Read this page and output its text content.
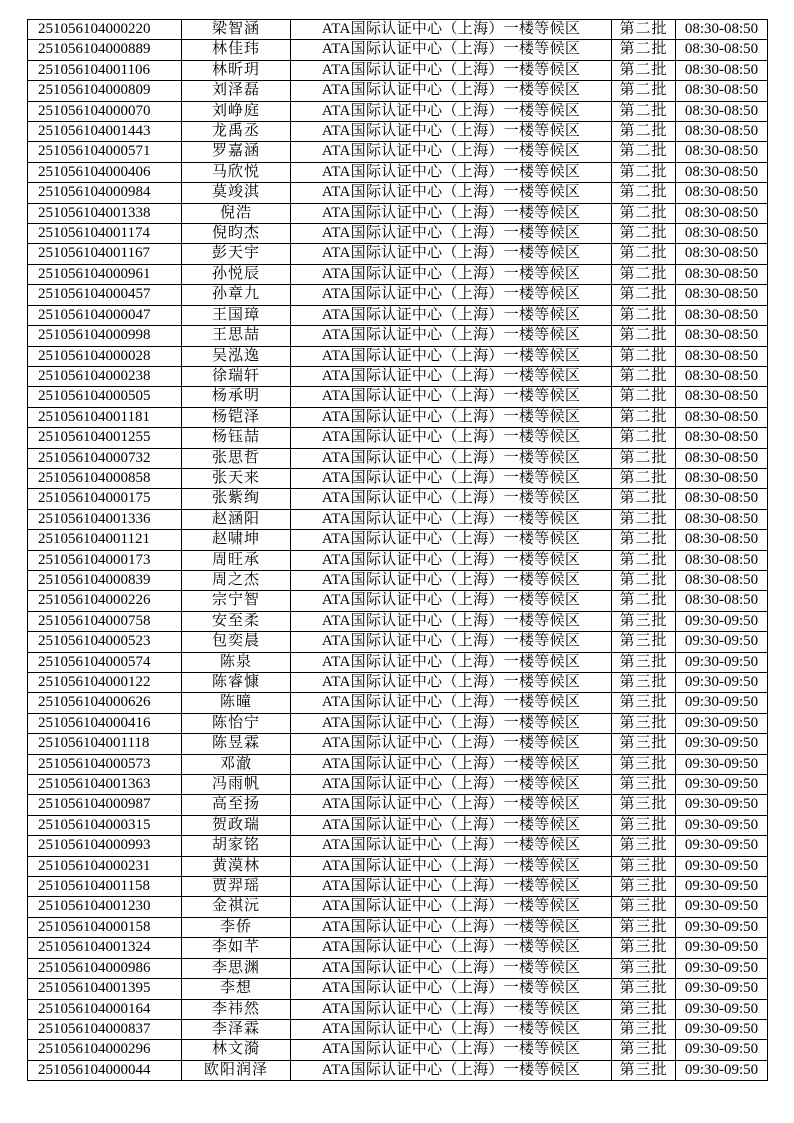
251056104000220	梁智涵	ATA国际认证中心（上海）一楼等候区	第二批	08:30-08:50
251056104000889	林佳玮	ATA国际认证中心（上海）一楼等候区	第二批	08:30-08:50
251056104001106	林昕玥	ATA国际认证中心（上海）一楼等候区	第二批	08:30-08:50
251056104000809	刘泽磊	ATA国际认证中心（上海）一楼等候区	第二批	08:30-08:50
251056104000070	刘峥庭	ATA国际认证中心（上海）一楼等候区	第二批	08:30-08:50
251056104001443	龙禹丞	ATA国际认证中心（上海）一楼等候区	第二批	08:30-08:50
251056104000571	罗嘉涵	ATA国际认证中心（上海）一楼等候区	第二批	08:30-08:50
251056104000406	马欣悦	ATA国际认证中心（上海）一楼等候区	第二批	08:30-08:50
251056104000984	莫竣淇	ATA国际认证中心（上海）一楼等候区	第二批	08:30-08:50
251056104001338	倪浩	ATA国际认证中心（上海）一楼等候区	第二批	08:30-08:50
251056104001174	倪昀杰	ATA国际认证中心（上海）一楼等候区	第二批	08:30-08:50
251056104001167	彭天宇	ATA国际认证中心（上海）一楼等候区	第二批	08:30-08:50
251056104000961	孙悦辰	ATA国际认证中心（上海）一楼等候区	第二批	08:30-08:50
251056104000457	孙章九	ATA国际认证中心（上海）一楼等候区	第二批	08:30-08:50
251056104000047	王国璋	ATA国际认证中心（上海）一楼等候区	第二批	08:30-08:50
251056104000998	王思喆	ATA国际认证中心（上海）一楼等候区	第二批	08:30-08:50
251056104000028	吴泓逸	ATA国际认证中心（上海）一楼等候区	第二批	08:30-08:50
251056104000238	徐瑞轩	ATA国际认证中心（上海）一楼等候区	第二批	08:30-08:50
251056104000505	杨承明	ATA国际认证中心（上海）一楼等候区	第二批	08:30-08:50
251056104001181	杨铠泽	ATA国际认证中心（上海）一楼等候区	第二批	08:30-08:50
251056104001255	杨钰喆	ATA国际认证中心（上海）一楼等候区	第二批	08:30-08:50
251056104000732	张思哲	ATA国际认证中心（上海）一楼等候区	第二批	08:30-08:50
251056104000858	张天来	ATA国际认证中心（上海）一楼等候区	第二批	08:30-08:50
251056104000175	张紫绚	ATA国际认证中心（上海）一楼等候区	第二批	08:30-08:50
251056104001336	赵涵阳	ATA国际认证中心（上海）一楼等候区	第二批	08:30-08:50
251056104001121	赵啸坤	ATA国际认证中心（上海）一楼等候区	第二批	08:30-08:50
251056104000173	周旺承	ATA国际认证中心（上海）一楼等候区	第二批	08:30-08:50
251056104000839	周之杰	ATA国际认证中心（上海）一楼等候区	第二批	08:30-08:50
251056104000226	宗宁智	ATA国际认证中心（上海）一楼等候区	第二批	08:30-08:50
251056104000758	安至柔	ATA国际认证中心（上海）一楼等候区	第三批	09:30-09:50
251056104000523	包奕晨	ATA国际认证中心（上海）一楼等候区	第三批	09:30-09:50
251056104000574	陈泉	ATA国际认证中心（上海）一楼等候区	第三批	09:30-09:50
251056104000122	陈睿慷	ATA国际认证中心（上海）一楼等候区	第三批	09:30-09:50
251056104000626	陈曈	ATA国际认证中心（上海）一楼等候区	第三批	09:30-09:50
251056104000416	陈怡宁	ATA国际认证中心（上海）一楼等候区	第三批	09:30-09:50
251056104001118	陈昱霖	ATA国际认证中心（上海）一楼等候区	第三批	09:30-09:50
251056104000573	邓澈	ATA国际认证中心（上海）一楼等候区	第三批	09:30-09:50
251056104001363	冯雨帆	ATA国际认证中心（上海）一楼等候区	第三批	09:30-09:50
251056104000987	高至扬	ATA国际认证中心（上海）一楼等候区	第三批	09:30-09:50
251056104000315	贺政瑞	ATA国际认证中心（上海）一楼等候区	第三批	09:30-09:50
251056104000993	胡家铭	ATA国际认证中心（上海）一楼等候区	第三批	09:30-09:50
251056104000231	黄漠林	ATA国际认证中心（上海）一楼等候区	第三批	09:30-09:50
251056104001158	贾羿瑶	ATA国际认证中心（上海）一楼等候区	第三批	09:30-09:50
251056104001230	金祺沅	ATA国际认证中心（上海）一楼等候区	第三批	09:30-09:50
251056104000158	李侨	ATA国际认证中心（上海）一楼等候区	第三批	09:30-09:50
251056104001324	李如芊	ATA国际认证中心（上海）一楼等候区	第三批	09:30-09:50
251056104000986	李思渊	ATA国际认证中心（上海）一楼等候区	第三批	09:30-09:50
251056104001395	李想	ATA国际认证中心（上海）一楼等候区	第三批	09:30-09:50
251056104000164	李祎然	ATA国际认证中心（上海）一楼等候区	第三批	09:30-09:50
251056104000837	李泽霖	ATA国际认证中心（上海）一楼等候区	第三批	09:30-09:50
251056104000296	林文漪	ATA国际认证中心（上海）一楼等候区	第三批	09:30-09:50
251056104000044	欧阳润泽	ATA国际认证中心（上海）一楼等候区	第三批	09:30-09:50
